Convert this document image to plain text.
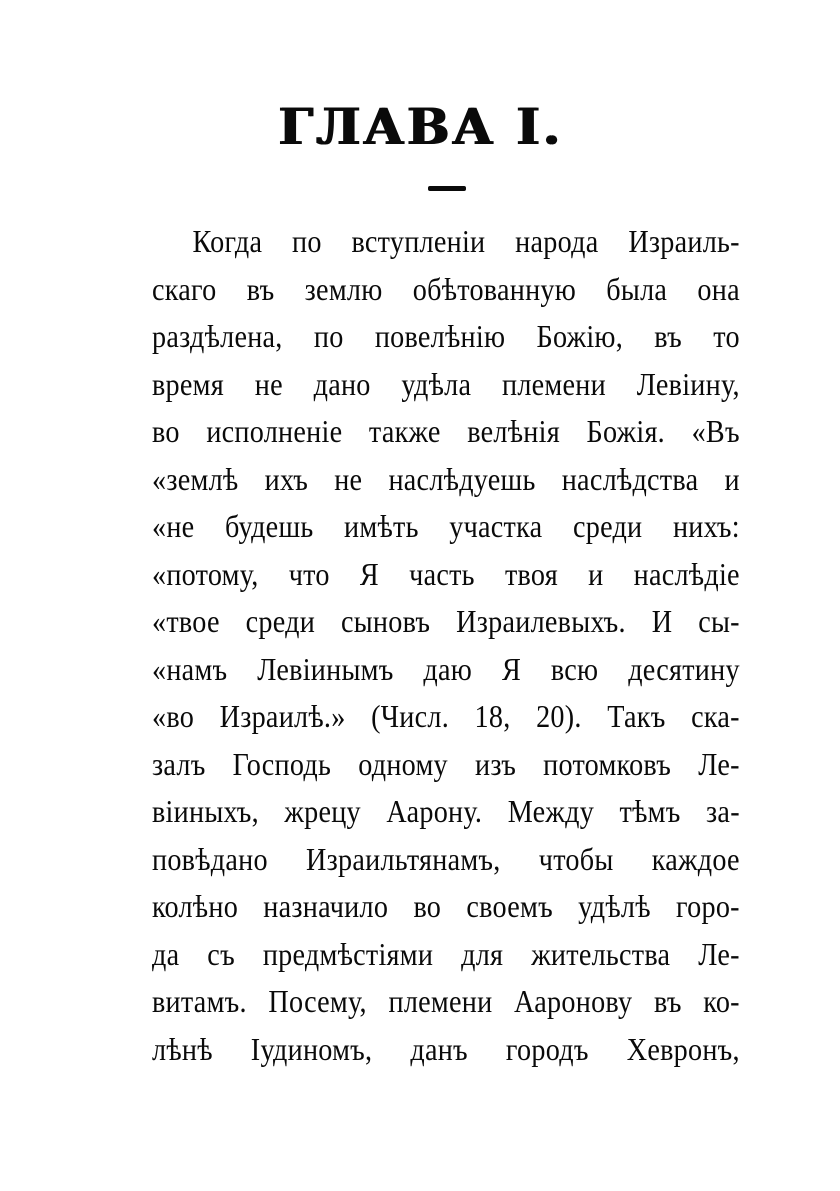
ГЛАВА I.
Когда по вступленіи народа Израиль-
скаго въ землю обѣтованную была она
раздѣлена, по повелѣнію Божію, въ то
время не дано удѣла племени Левіину,
во исполненіе также велѣнія Божія. «Въ
«землѣ ихъ не наслѣдуешь наслѣдства и
«не будешь имѣть участка среди нихъ:
«потому, что Я часть твоя и наслѣдіе
«твое среди сыновъ Израилевыхъ. И сы-
«намъ Левіинымъ даю Я всю десятину
«во Израилѣ.» (Числ. 18, 20). Такъ ска-
залъ Господь одному изъ потомковъ Ле-
віиныхъ, жрецу Аарону. Между тѣмъ за-
повѣдано Израильтянамъ, чтобы каждое
колѣно назначило во своемъ удѣлѣ горо-
да съ предмѣстіями для жительства Ле-
витамъ. Посему, племени Ааронову въ ко-
лѣнѣ Іудиномъ, данъ городъ Хевронъ,
